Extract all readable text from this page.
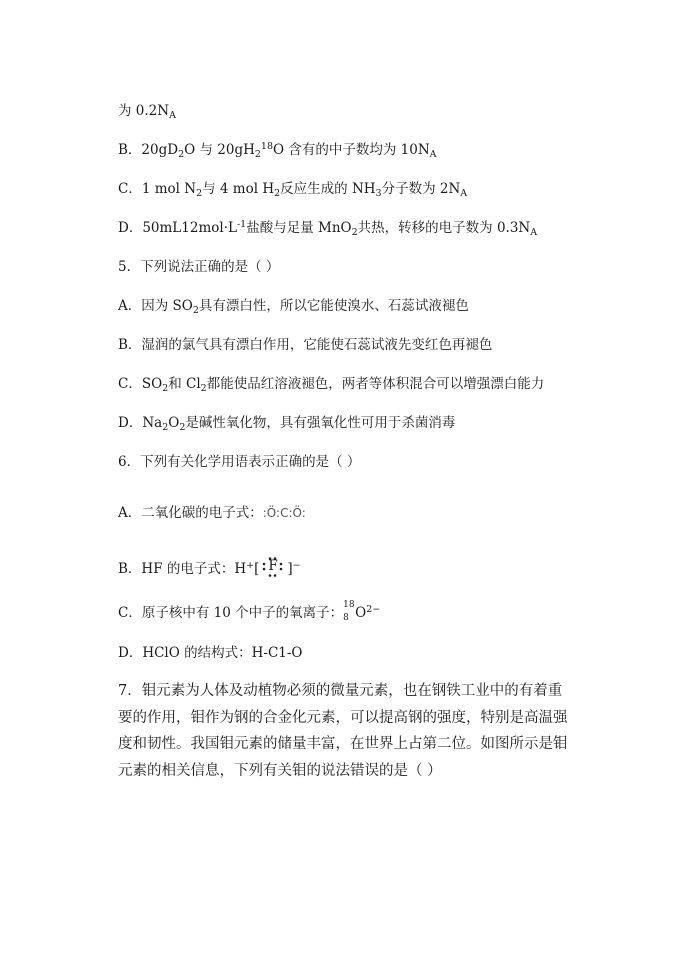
为 $0.2N_A$
B．$20gD_2O$ 与 $20gH_2^{18}O$ 含有的中子数均为 $10N_A$
C．1 mol $N_2$与 4 mol $H_2$反应生成的 $NH_3$分子数为 $2N_A$
D．$50mL12mol\cdot L^{-1}$盐酸与足量 MnO$_2$共热，转移的电子数为 $0.3N_A$
5．下列说法正确的是（ ）
A．因为 $SO_2$具有漂白性，所以它能使溴水、石蕊试液褪色
B．湿润的氯气具有漂白作用，它能使石蕊试液先变红色再褪色
C．$SO_2$和 $Cl_2$都能使品红溶液褪色，两者等体积混合可以增强漂白能力
D．$Na_2O_2$是碱性氧化物，具有强氧化性可用于杀菌消毒
6．下列有关化学用语表示正确的是（ ）
A．二氧化碳的电子式：:Ö:C:Ö:
B．HF 的电子式：H+[ F ]−
C．原子核中有 10 个中子的氧离子： 18
8 $O^{2-}$
D．HClO 的结构式：H-C1-O
7．钼元素为人体及动植物必须的微量元素，也在钢铁工业中的有着重要的作用，钼作为钢的合金化元素，可以提高钢的强度，特别是高温强度和韧性。我国钼元素的储量丰富，在世界上占第二位。如图所示是钼元素的相关信息，下列有关钼的说法错误的是（ ）
